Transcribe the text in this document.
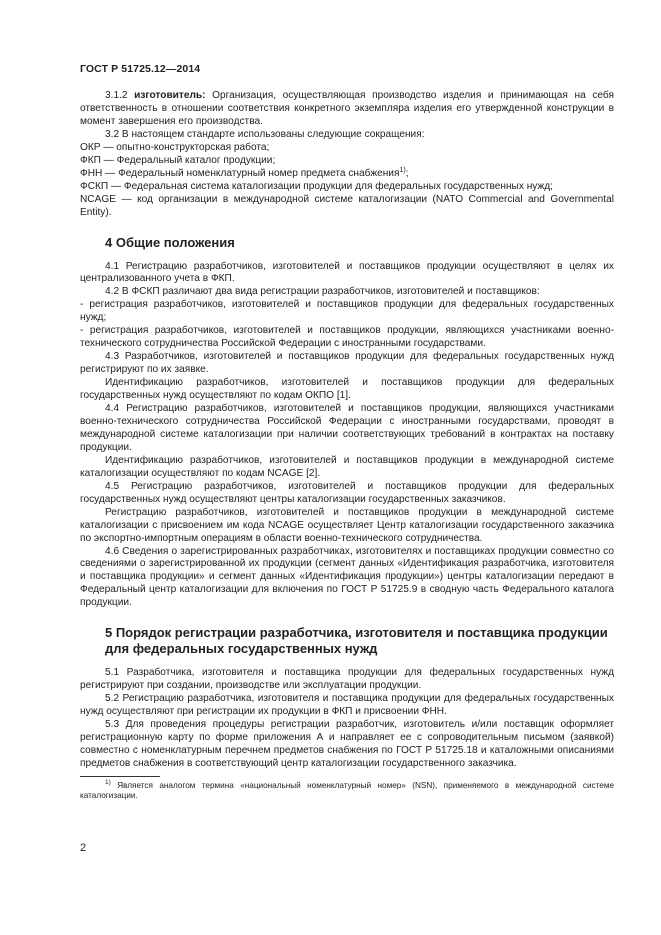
ГОСТ Р 51725.12—2014

3.1.2 изготовитель: Организация, осуществляющая производство изделия и принимающая на себя ответственность в отношении соответствия конкретного экземпляра изделия его утвержденной конструкции в момент завершения его производства.

3.2 В настоящем стандарте использованы следующие сокращения:

ОКР — опытно-конструкторская работа;

ФКП — Федеральный каталог продукции;

ФНН — Федеральный номенклатурный номер предмета снабжения$^{1)}$;

ФСКП — Федеральная система каталогизации продукции для федеральных государственных нужд;

NCAGE — код организации в международной системе каталогизации (NATO Commercial and Governmental Entity).

4 Общие положения

4.1 Регистрацию разработчиков, изготовителей и поставщиков продукции осуществляют в целях их централизованного учета в ФКП.

4.2 В ФСКП различают два вида регистрации разработчиков, изготовителей и поставщиков:

- регистрация разработчиков, изготовителей и поставщиков продукции для федеральных государственных нужд;

- регистрация разработчиков, изготовителей и поставщиков продукции, являющихся участниками военно-технического сотрудничества Российской Федерации с иностранными государствами.

4.3 Разработчиков, изготовителей и поставщиков продукции для федеральных государственных нужд регистрируют по их заявке.

Идентификацию разработчиков, изготовителей и поставщиков продукции для федеральных государственных нужд осуществляют по кодам ОКПО [1].

4.4 Регистрацию разработчиков, изготовителей и поставщиков продукции, являющихся участниками военно-технического сотрудничества Российской Федерации с иностранными государствами, проводят в международной системе каталогизации при наличии соответствующих требований в контрактах на поставку продукции.

Идентификацию разработчиков, изготовителей и поставщиков продукции в международной системе каталогизации осуществляют по кодам NCAGE [2].

4.5 Регистрацию разработчиков, изготовителей и поставщиков продукции для федеральных государственных нужд осуществляют центры каталогизации государственных заказчиков.

Регистрацию разработчиков, изготовителей и поставщиков продукции в международной системе каталогизации с присвоением им кода NCAGE осуществляет Центр каталогизации государственного заказчика по экспортно-импортным операциям в области военно-технического сотрудничества.

4.6 Сведения о зарегистрированных разработчиках, изготовителях и поставщиках продукции совместно со сведениями о зарегистрированной их продукции (сегмент данных «Идентификация разработчика, изготовителя и поставщика продукции» и сегмент данных «Идентификация продукции») центры каталогизации передают в Федеральный центр каталогизации для включения по ГОСТ Р 51725.9 в сводную часть Федерального каталога продукции.

5 Порядок регистрации разработчика, изготовителя и поставщика продукции для федеральных государственных нужд

5.1 Разработчика, изготовителя и поставщика продукции для федеральных государственных нужд регистрируют при создании, производстве или эксплуатации продукции.

5.2 Регистрацию разработчика, изготовителя и поставщика продукции для федеральных государственных нужд осуществляют при регистрации их продукции в ФКП и присвоении ФНН.

5.3 Для проведения процедуры регистрации разработчик, изготовитель и/или поставщик оформляет регистрационную карту по форме приложения А и направляет ее с сопроводительным письмом (заявкой) совместно с номенклатурным перечнем предметов снабжения по ГОСТ Р 51725.18 и каталожными описаниями предметов снабжения в соответствующий центр каталогизации государственного заказчика.

$^{1)}$ Является аналогом термина «национальный номенклатурный номер» (NSN), применяемого в международной системе каталогизации.

2
